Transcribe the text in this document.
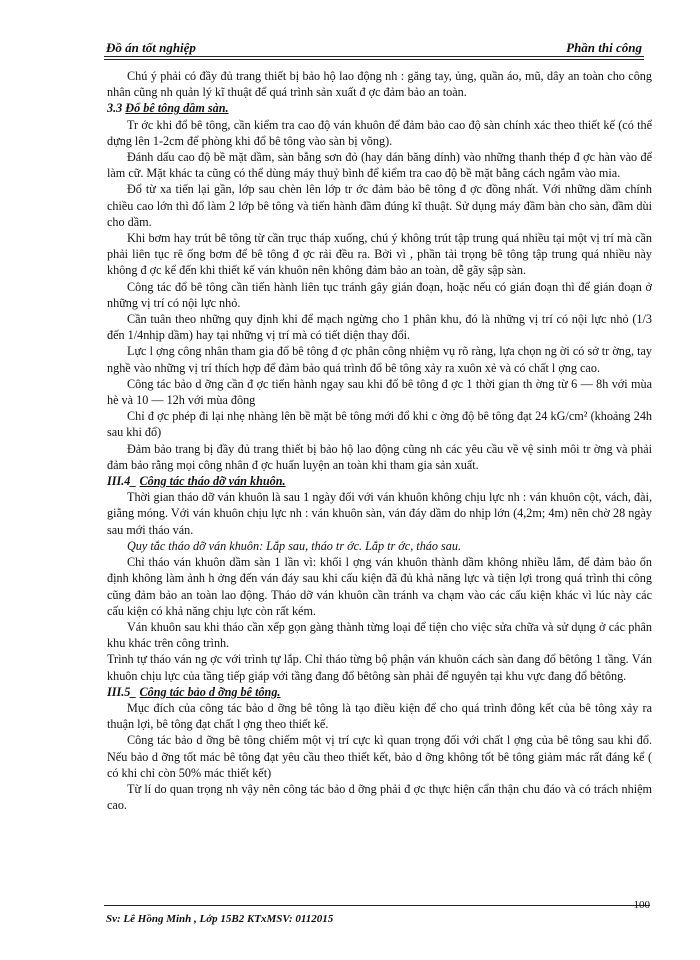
Đồ án tốt nghiệp	Phần thi công

Chú ý phải có đầy đủ trang thiết bị bảo hộ lao động nh : găng tay, ủng, quần áo, mũ, dây an toàn cho công nhân cũng nh quản lý kĩ thuật để quá trình sản xuất đ ợc đảm bảo an toàn.

3.3 Đổ bê tông dầm sàn.

Tr ớc khi đổ bê tông, cần kiểm tra cao độ ván khuôn để đảm bảo cao độ sàn chính xác theo thiết kế (có thể dựng lên 1-2cm để phòng khi đổ bê tông vào sàn bị võng).

Đánh dấu cao độ bề mặt dầm, sàn bằng sơn đỏ (hay dán băng dính) vào những thanh thép đ ợc hàn vào để làm cữ. Mặt khác ta cũng có thể dùng máy thuỷ bình để kiểm tra cao độ bề mặt bằng cách ngắm vào mia.

Đổ từ xa tiến lại gần, lớp sau chèn lên lớp tr ớc đảm bảo bê tông đ ợc đồng nhất. Với những dầm chính chiều cao lớn thì đổ làm 2 lớp bê tông và tiến hành đầm đúng kĩ thuật. Sử dụng máy đầm bàn cho sàn, đầm dùi cho dầm.

Khi bơm hay trút bê tông từ cần trục tháp xuống, chú ý không trút tập trung quá nhiều tại một vị trí mà cần phải liên tục rê ống bơm để bê tông đ ợc rải đều ra. Bởi vì , phần tải trọng bê tông tập trung quá nhiều này không đ ợc kể đến khi thiết kế ván khuôn nên không đảm bảo an toàn, dễ gãy sập sàn.

Công tác đổ bê tông cần tiến hành liên tục tránh gây gián đoạn, hoặc nếu có gián đoạn thì để gián đoạn ở những vị trí có nội lực nhỏ.

Cần tuân theo những quy định khi để mạch ngừng cho 1 phân khu, đó là những vị trí có nội lực nhỏ (1/3 đến 1/4nhịp dầm) hay tại những vị trí mà có tiết diện thay đổi.

Lực l ợng công nhân tham gia đổ bê tông đ ợc phân công nhiệm vụ rõ ràng, lựa chọn ng ời có sở tr ờng, tay nghề vào những vị trí thích hợp để đảm bảo quá trình đổ bê tông xảy ra xuôn xẻ và có chất l ợng cao.

Công tác bảo d ỡng cần đ ợc tiến hành ngay sau khi đổ bê tông đ ợc 1 thời gian th ờng từ 6 — 8h với mùa hè và 10 — 12h với mùa đông

Chỉ đ ợc phép đi lại nhẹ nhàng lên bề mặt bê tông mới đổ khi c ờng độ bê tông đạt 24 kG/cm² (khoảng 24h sau khi đổ)

Đảm bảo trang bị đầy đủ trang thiết bị bảo hộ lao động cũng nh các yêu cầu về vệ sinh môi tr ờng và phải đảm bảo rằng mọi công nhân đ ợc huấn luyện an toàn khi tham gia sản xuất.

III.4_ Công tác tháo dỡ ván khuôn.

Thời gian tháo dỡ ván khuôn là sau 1 ngày đối với ván khuôn không chịu lực nh : ván khuôn cột, vách, đài, giằng móng. Với ván khuôn chịu lực nh : ván khuôn sàn, ván đáy dầm do nhịp lớn (4,2m; 4m) nên chờ 28 ngày sau mới tháo ván.

Quy tắc tháo dỡ ván khuôn: Lắp sau, tháo tr ớc. Lắp tr ớc, tháo sau.

Chỉ tháo ván khuôn dầm sàn 1 lần vì: khối l ợng ván khuôn thành dầm không nhiều lắm, để đảm bảo ổn định không làm ảnh h ởng đến ván đáy sau khi cấu kiện đã đủ khả năng lực và tiện lợi trong quá trình thi công cũng đảm bảo an toàn lao động. Tháo dỡ ván khuôn cần tránh va chạm vào các cấu kiện khác vì lúc này các cấu kiện có khả năng chịu lực còn rất kém.

Ván khuôn sau khi tháo cần xếp gọn gàng thành từng loại để tiện cho việc sửa chữa và sử dụng ở các phân khu khác trên công trình.

Trình tự tháo ván ng ợc với trình tự lắp. Chỉ tháo từng bộ phận ván khuôn cách sàn đang đổ bêtông 1 tầng. Ván khuôn chịu lực của tầng tiếp giáp với tầng đang đổ bêtông sàn phải để nguyên tại khu vực đang đổ bêtông.

III.5_ Công tác bảo d ỡng bê tông.

Mục đích của công tác bảo d ỡng bê tông là tạo điều kiện để cho quá trình đông kết của bê tông xảy ra thuận lợi, bê tông đạt chất l ợng theo thiết kế.

Công tác bảo d ỡng bê tông chiếm một vị trí cực kì quan trọng đối với chất l ợng của bê tông sau khi đổ. Nếu bảo d ỡng tốt mác bê tông đạt yêu cầu theo thiết kết, bảo d ỡng không tốt bê tông giảm mác rất đáng kể ( có khi chỉ còn 50% mác thiết kết)

Từ lí do quan trọng nh vậy nên công tác bảo d ỡng phải đ ợc thực hiện cẩn thận chu đáo và có trách nhiệm cao.

100
Sv: Lê Hồng Minh , Lớp 15B2 KTxMSV: 0112015
